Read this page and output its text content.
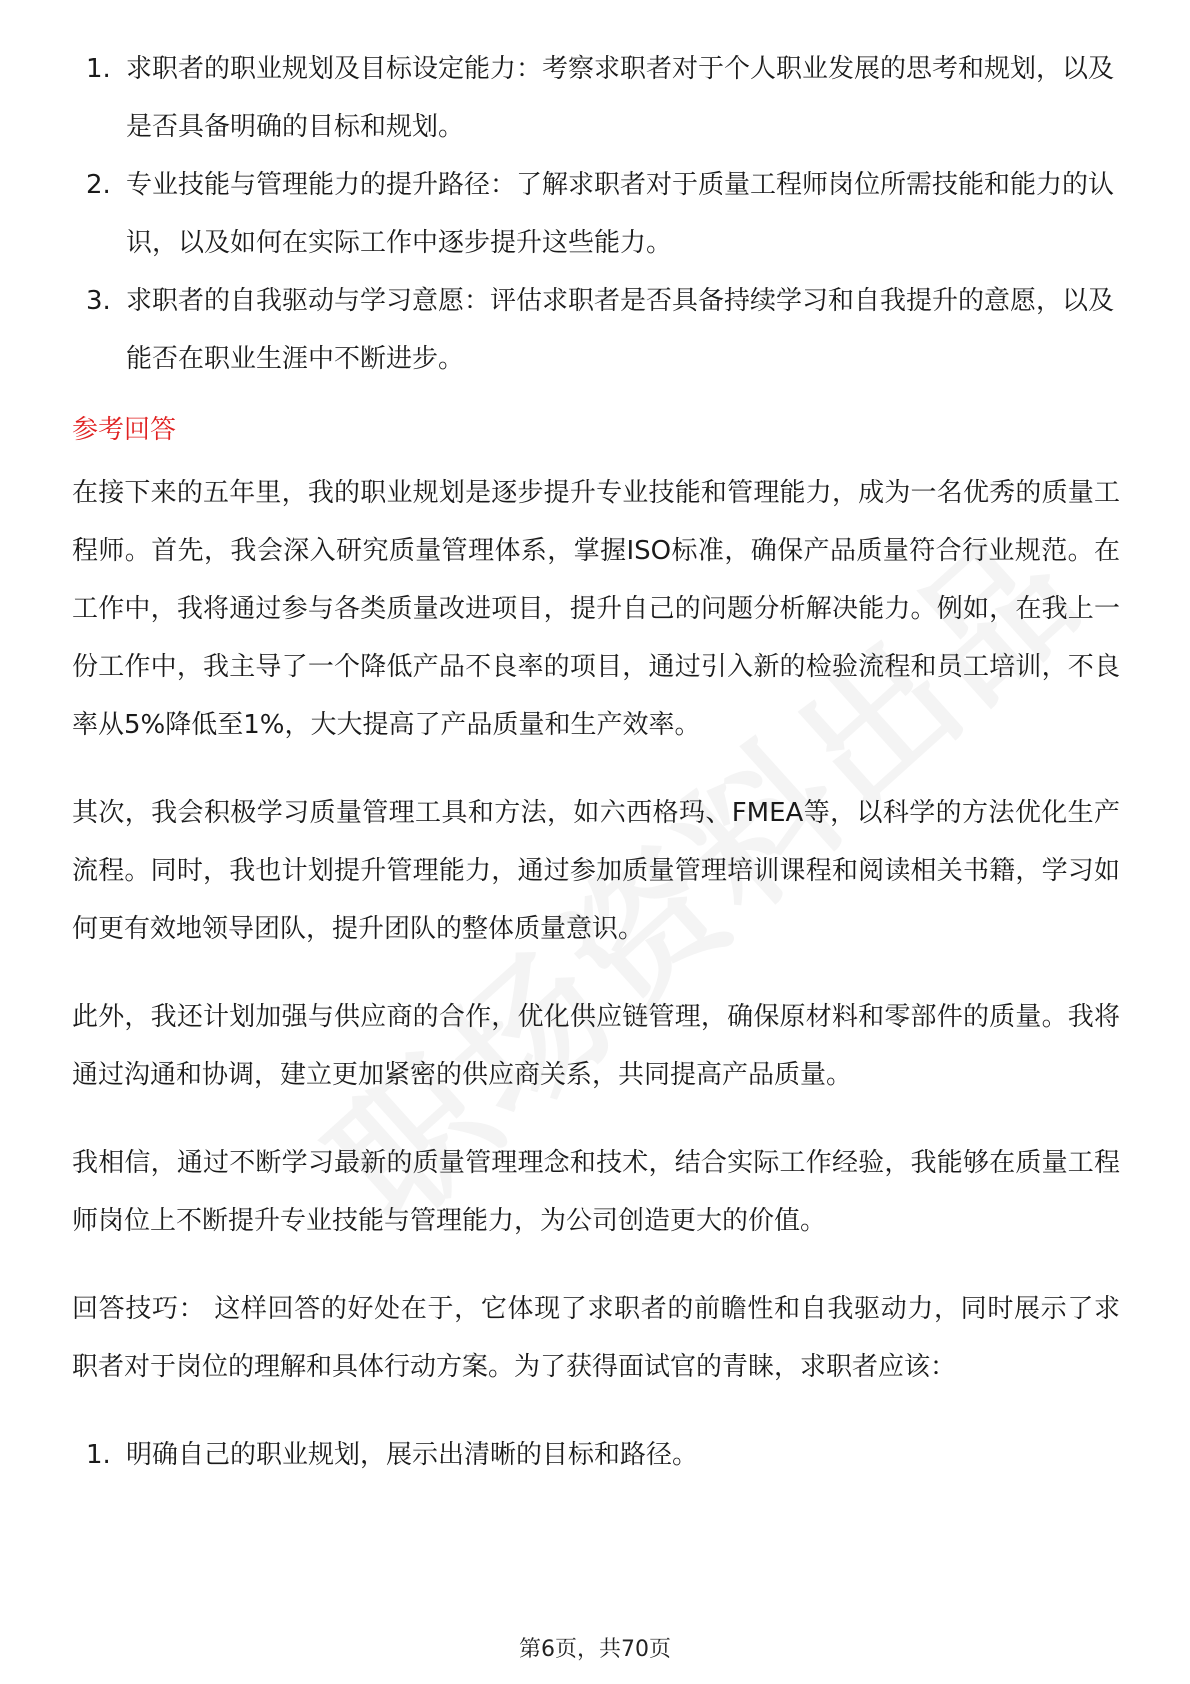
1. 求职者的职业规划及目标设定能力：考察求职者对于个人职业发展的思考和规划，以及是否具备明确的目标和规划。
2. 专业技能与管理能力的提升路径：了解求职者对于质量工程师岗位所需技能和能力的认识，以及如何在实际工作中逐步提升这些能力。
3. 求职者的自我驱动与学习意愿：评估求职者是否具备持续学习和自我提升的意愿，以及能否在职业生涯中不断进步。
参考回答

在接下来的五年里，我的职业规划是逐步提升专业技能和管理能力，成为一名优秀的质量工程师。首先，我会深入研究质量管理体系，掌握ISO标准，确保产品质量符合行业规范。在工作中，我将通过参与各类质量改进项目，提升自己的问题分析解决能力。例如，在我上一份工作中，我主导了一个降低产品不良率的项目，通过引入新的检验流程和员工培训，不良率从5%降低至1%，大大提高了产品质量和生产效率。

其次，我会积极学习质量管理工具和方法，如六西格玛、FMEA等，以科学的方法优化生产流程。同时，我也计划提升管理能力，通过参加质量管理培训课程和阅读相关书籍，学习如何更有效地领导团队，提升团队的整体质量意识。

此外，我还计划加强与供应商的合作，优化供应链管理，确保原材料和零部件的质量。我将通过沟通和协调，建立更加紧密的供应商关系，共同提高产品质量。

我相信，通过不断学习最新的质量管理理念和技术，结合实际工作经验，我能够在质量工程师岗位上不断提升专业技能与管理能力，为公司创造更大的价值。

回答技巧： 这样回答的好处在于，它体现了求职者的前瞻性和自我驱动力，同时展示了求职者对于岗位的理解和具体行动方案。为了获得面试官的青睐，求职者应该：

1. 明确自己的职业规划，展示出清晰的目标和路径。
第6页，共70页
